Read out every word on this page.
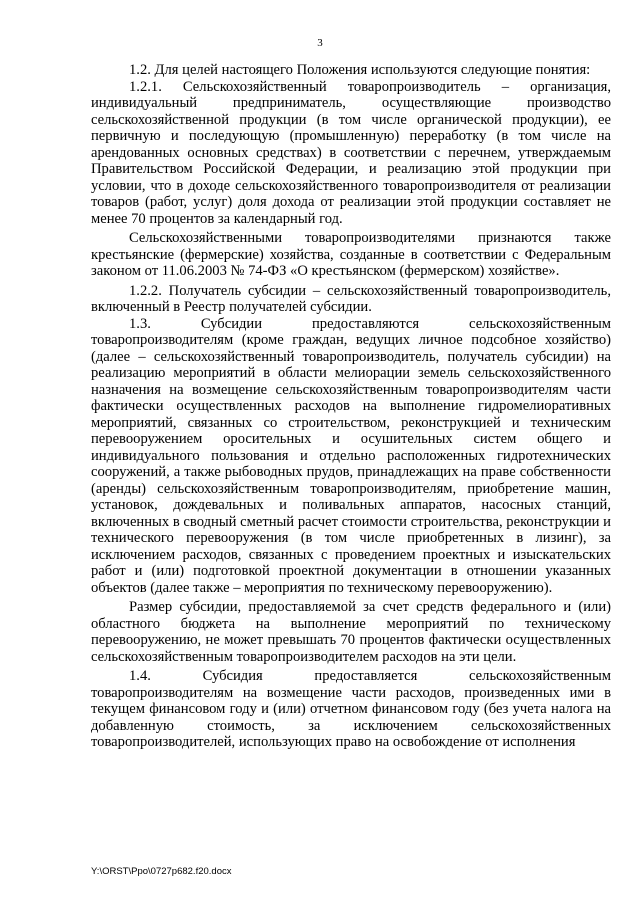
3

1.2. Для целей настоящего Положения используются следующие понятия:

1.2.1. Сельскохозяйственный товаропроизводитель – организация, индивидуальный предприниматель, осуществляющие производство сельскохозяйственной продукции (в том числе органической продукции), ее первичную и последующую (промышленную) переработку (в том числе на арендованных основных средствах) в соответствии с перечнем, утверждаемым Правительством Российской Федерации, и реализацию этой продукции при условии, что в доходе сельскохозяйственного товаропроизводителя от реализации товаров (работ, услуг) доля дохода от реализации этой продукции составляет не менее 70 процентов за календарный год.

Сельскохозяйственными товаропроизводителями признаются также крестьянские (фермерские) хозяйства, созданные в соответствии с Федеральным законом от 11.06.2003 № 74-ФЗ «О крестьянском (фермерском) хозяйстве».

1.2.2. Получатель субсидии – сельскохозяйственный товаропроизводитель, включенный в Реестр получателей субсидии.

1.3. Субсидии предоставляются сельскохозяйственным товаропроизводителям (кроме граждан, ведущих личное подсобное хозяйство) (далее – сельскохозяйственный товаропроизводитель, получатель субсидии) на реализацию мероприятий в области мелиорации земель сельскохозяйственного назначения на возмещение сельскохозяйственным товаропроизводителям части фактически осуществленных расходов на выполнение гидромелиоративных мероприятий, связанных со строительством, реконструкцией и техническим перевооружением оросительных и осушительных систем общего и индивидуального пользования и отдельно расположенных гидротехнических сооружений, а также рыбоводных прудов, принадлежащих на праве собственности (аренды) сельскохозяйственным товаропроизводителям, приобретение машин, установок, дождевальных и поливальных аппаратов, насосных станций, включенных в сводный сметный расчет стоимости строительства, реконструкции и технического перевооружения (в том числе приобретенных в лизинг), за исключением расходов, связанных с проведением проектных и изыскательских работ и (или) подготовкой проектной документации в отношении указанных объектов (далее также – мероприятия по техническому перевооружению).

Размер субсидии, предоставляемой за счет средств федерального и (или) областного бюджета на выполнение мероприятий по техническому перевооружению, не может превышать 70 процентов фактически осуществленных сельскохозяйственным товаропроизводителем расходов на эти цели.

1.4. Субсидия предоставляется сельскохозяйственным товаропроизводителям на возмещение части расходов, произведенных ими в текущем финансовом году и (или) отчетном финансовом году (без учета налога на добавленную стоимость, за исключением сельскохозяйственных товаропроизводителей, использующих право на освобождение от исполнения

Y:\ORST\Ppo\0727p682.f20.docx
